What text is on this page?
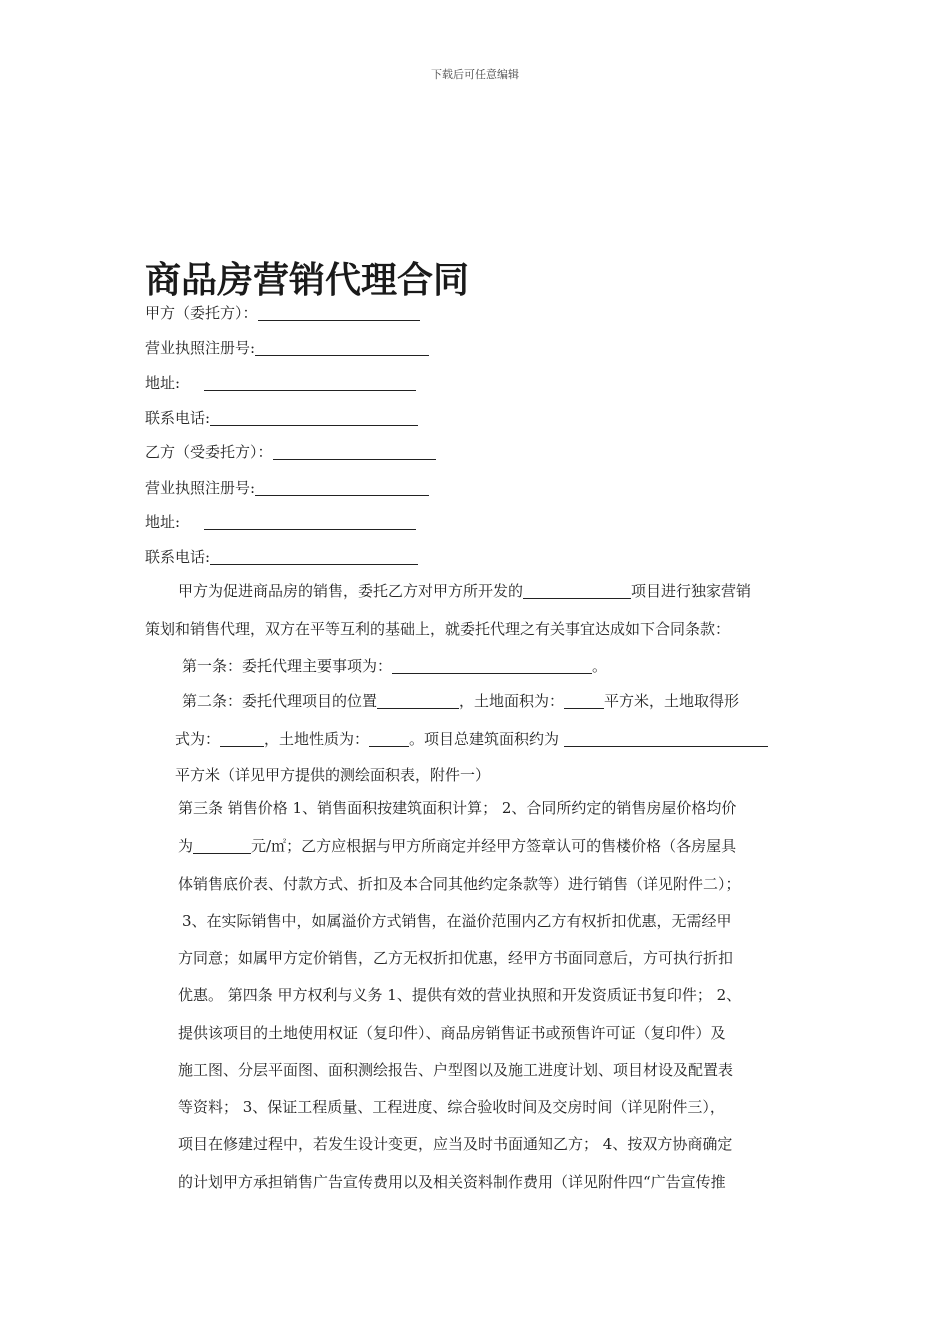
下载后可任意编辑
商品房营销代理合同
甲方（委托方）：
营业执照注册号:
地址:
联系电话:
乙方（受委托方）：
营业执照注册号:
地址:
联系电话:
甲方为促进商品房的销售，委托乙方对甲方所开发的	项目进行独家营销
策划和销售代理，双方在平等互利的基础上，就委托代理之有关事宜达成如下合同条款：
第一条：委托代理主要事项为：	。
第二条：委托代理项目的位置	，土地面积为：	平方米，土地取得形
式为：	，土地性质为：	。项目总建筑面积约为
平方米（详见甲方提供的测绘面积表，附件一）
第三条 销售价格 1、销售面积按建筑面积计算； 2、合同所约定的销售房屋价格均价
为	元/㎡；乙方应根据与甲方所商定并经甲方签章认可的售楼价格（各房屋具
体销售底价表、付款方式、折扣及本合同其他约定条款等）进行销售（详见附件二）；
3、在实际销售中，如属溢价方式销售，在溢价范围内乙方有权折扣优惠，无需经甲
方同意；如属甲方定价销售，乙方无权折扣优惠，经甲方书面同意后，方可执行折扣
优惠。 第四条 甲方权利与义务 1、提供有效的营业执照和开发资质证书复印件； 2、
提供该项目的土地使用权证（复印件）、商品房销售证书或预售许可证（复印件）及
施工图、分层平面图、面积测绘报告、户型图以及施工进度计划、项目材设及配置表
等资料； 3、保证工程质量、工程进度、综合验收时间及交房时间（详见附件三），
项目在修建过程中，若发生设计变更，应当及时书面通知乙方； 4、按双方协商确定
的计划甲方承担销售广告宣传费用以及相关资料制作费用（详见附件四“广告宣传推
